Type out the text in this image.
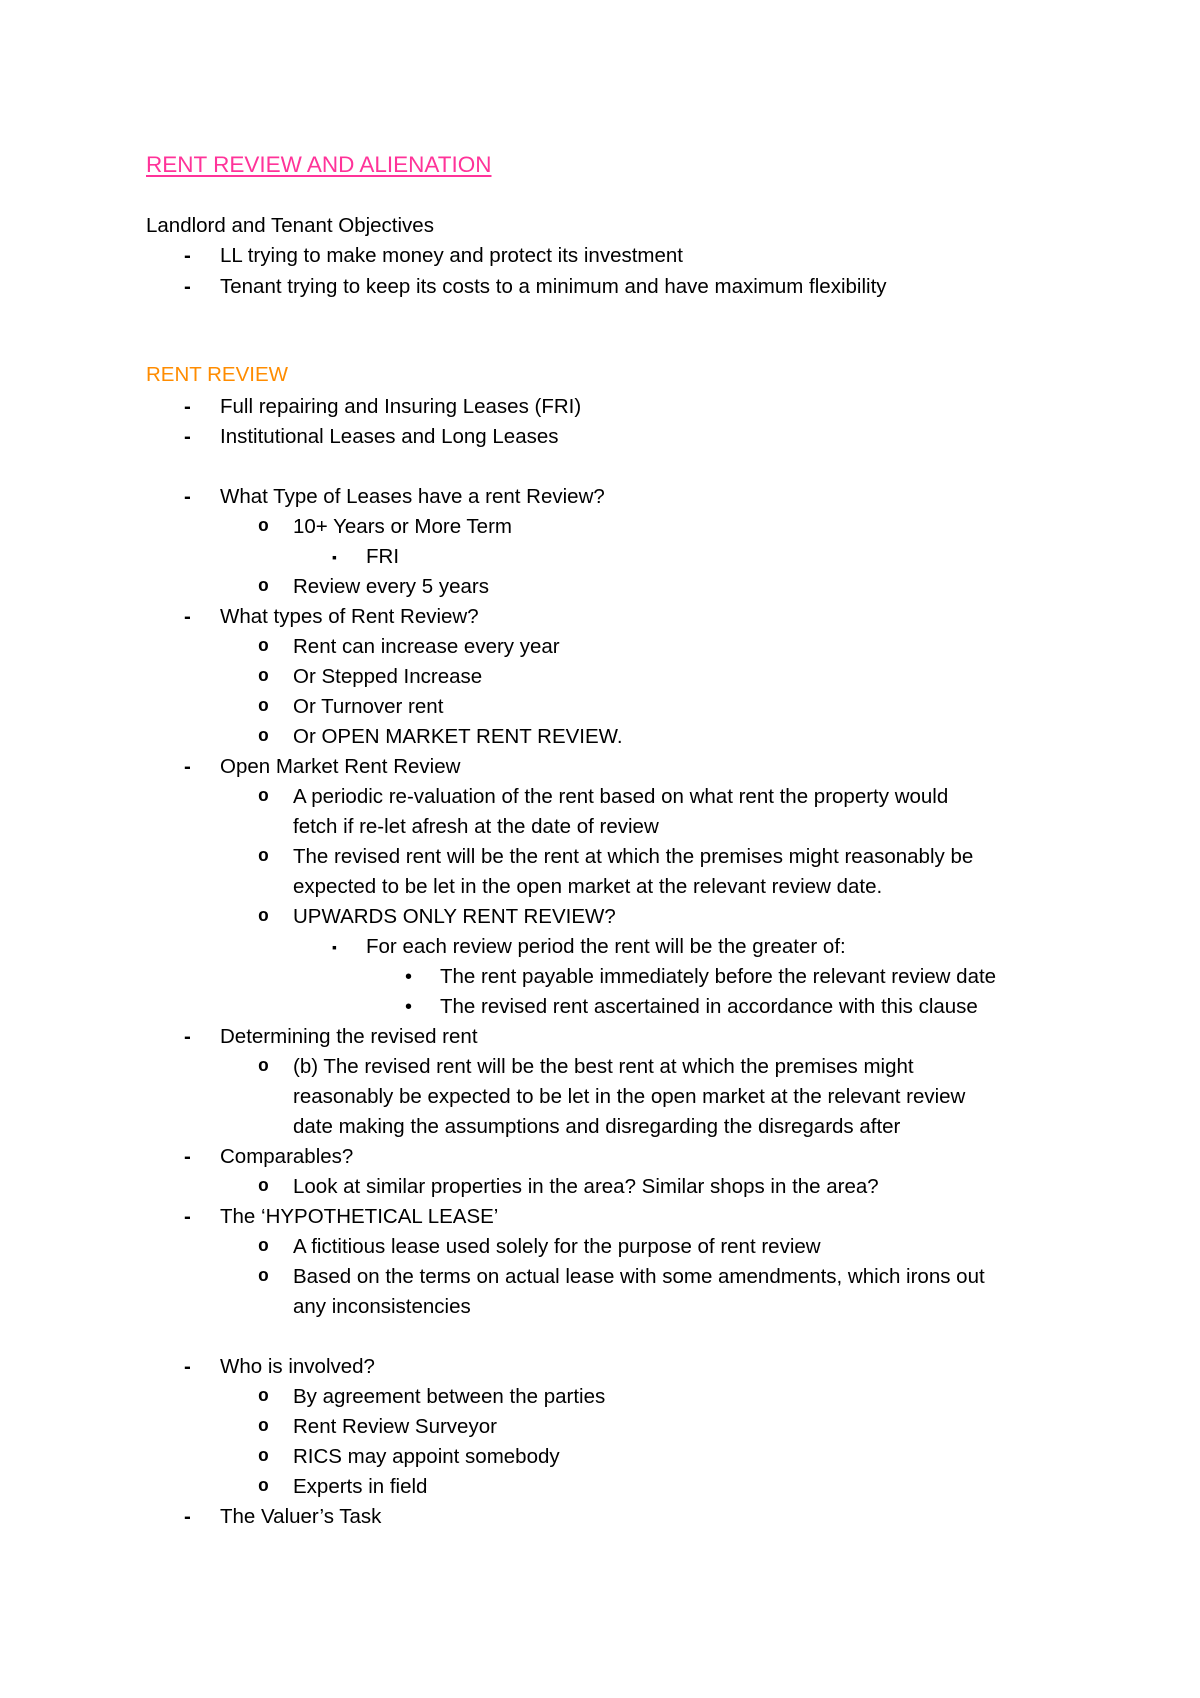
RENT REVIEW AND ALIENATION
RENT REVIEW
Landlord and Tenant Objectives
-	LL trying to make money and protect its investment
-	Tenant trying to keep its costs to a minimum and have maximum flexibility
-	Full repairing and Insuring Leases (FRI)
-	Institutional Leases and Long Leases
-	What Type of Leases have a rent Review?
o	10+ Years or More Term
▪	FRI
o	Review every 5 years
-	What types of Rent Review?
o	Rent can increase every year
o	Or Stepped Increase
o	Or Turnover rent
o	Or OPEN MARKET RENT REVIEW.
-	Open Market Rent Review
o	A periodic re-valuation of the rent based on what rent the property would
fetch if re-let afresh at the date of review
o	The revised rent will be the rent at which the premises might reasonably be
expected to be let in the open market at the relevant review date.
o	UPWARDS ONLY RENT REVIEW?
▪	For each review period the rent will be the greater of:
•	The rent payable immediately before the relevant review date
•	The revised rent ascertained in accordance with this clause
-	Determining the revised rent
o	(b) The revised rent will be the best rent at which the premises might
reasonably be expected to be let in the open market at the relevant review
date making the assumptions and disregarding the disregards after
-	Comparables?
o	Look at similar properties in the area? Similar shops in the area?
-	The ‘HYPOTHETICAL LEASE’
o	A fictitious lease used solely for the purpose of rent review
o	Based on the terms on actual lease with some amendments, which irons out
any inconsistencies
-	Who is involved?
o	By agreement between the parties
o	Rent Review Surveyor
o	RICS may appoint somebody
o	Experts in field
-	The Valuer’s Task
